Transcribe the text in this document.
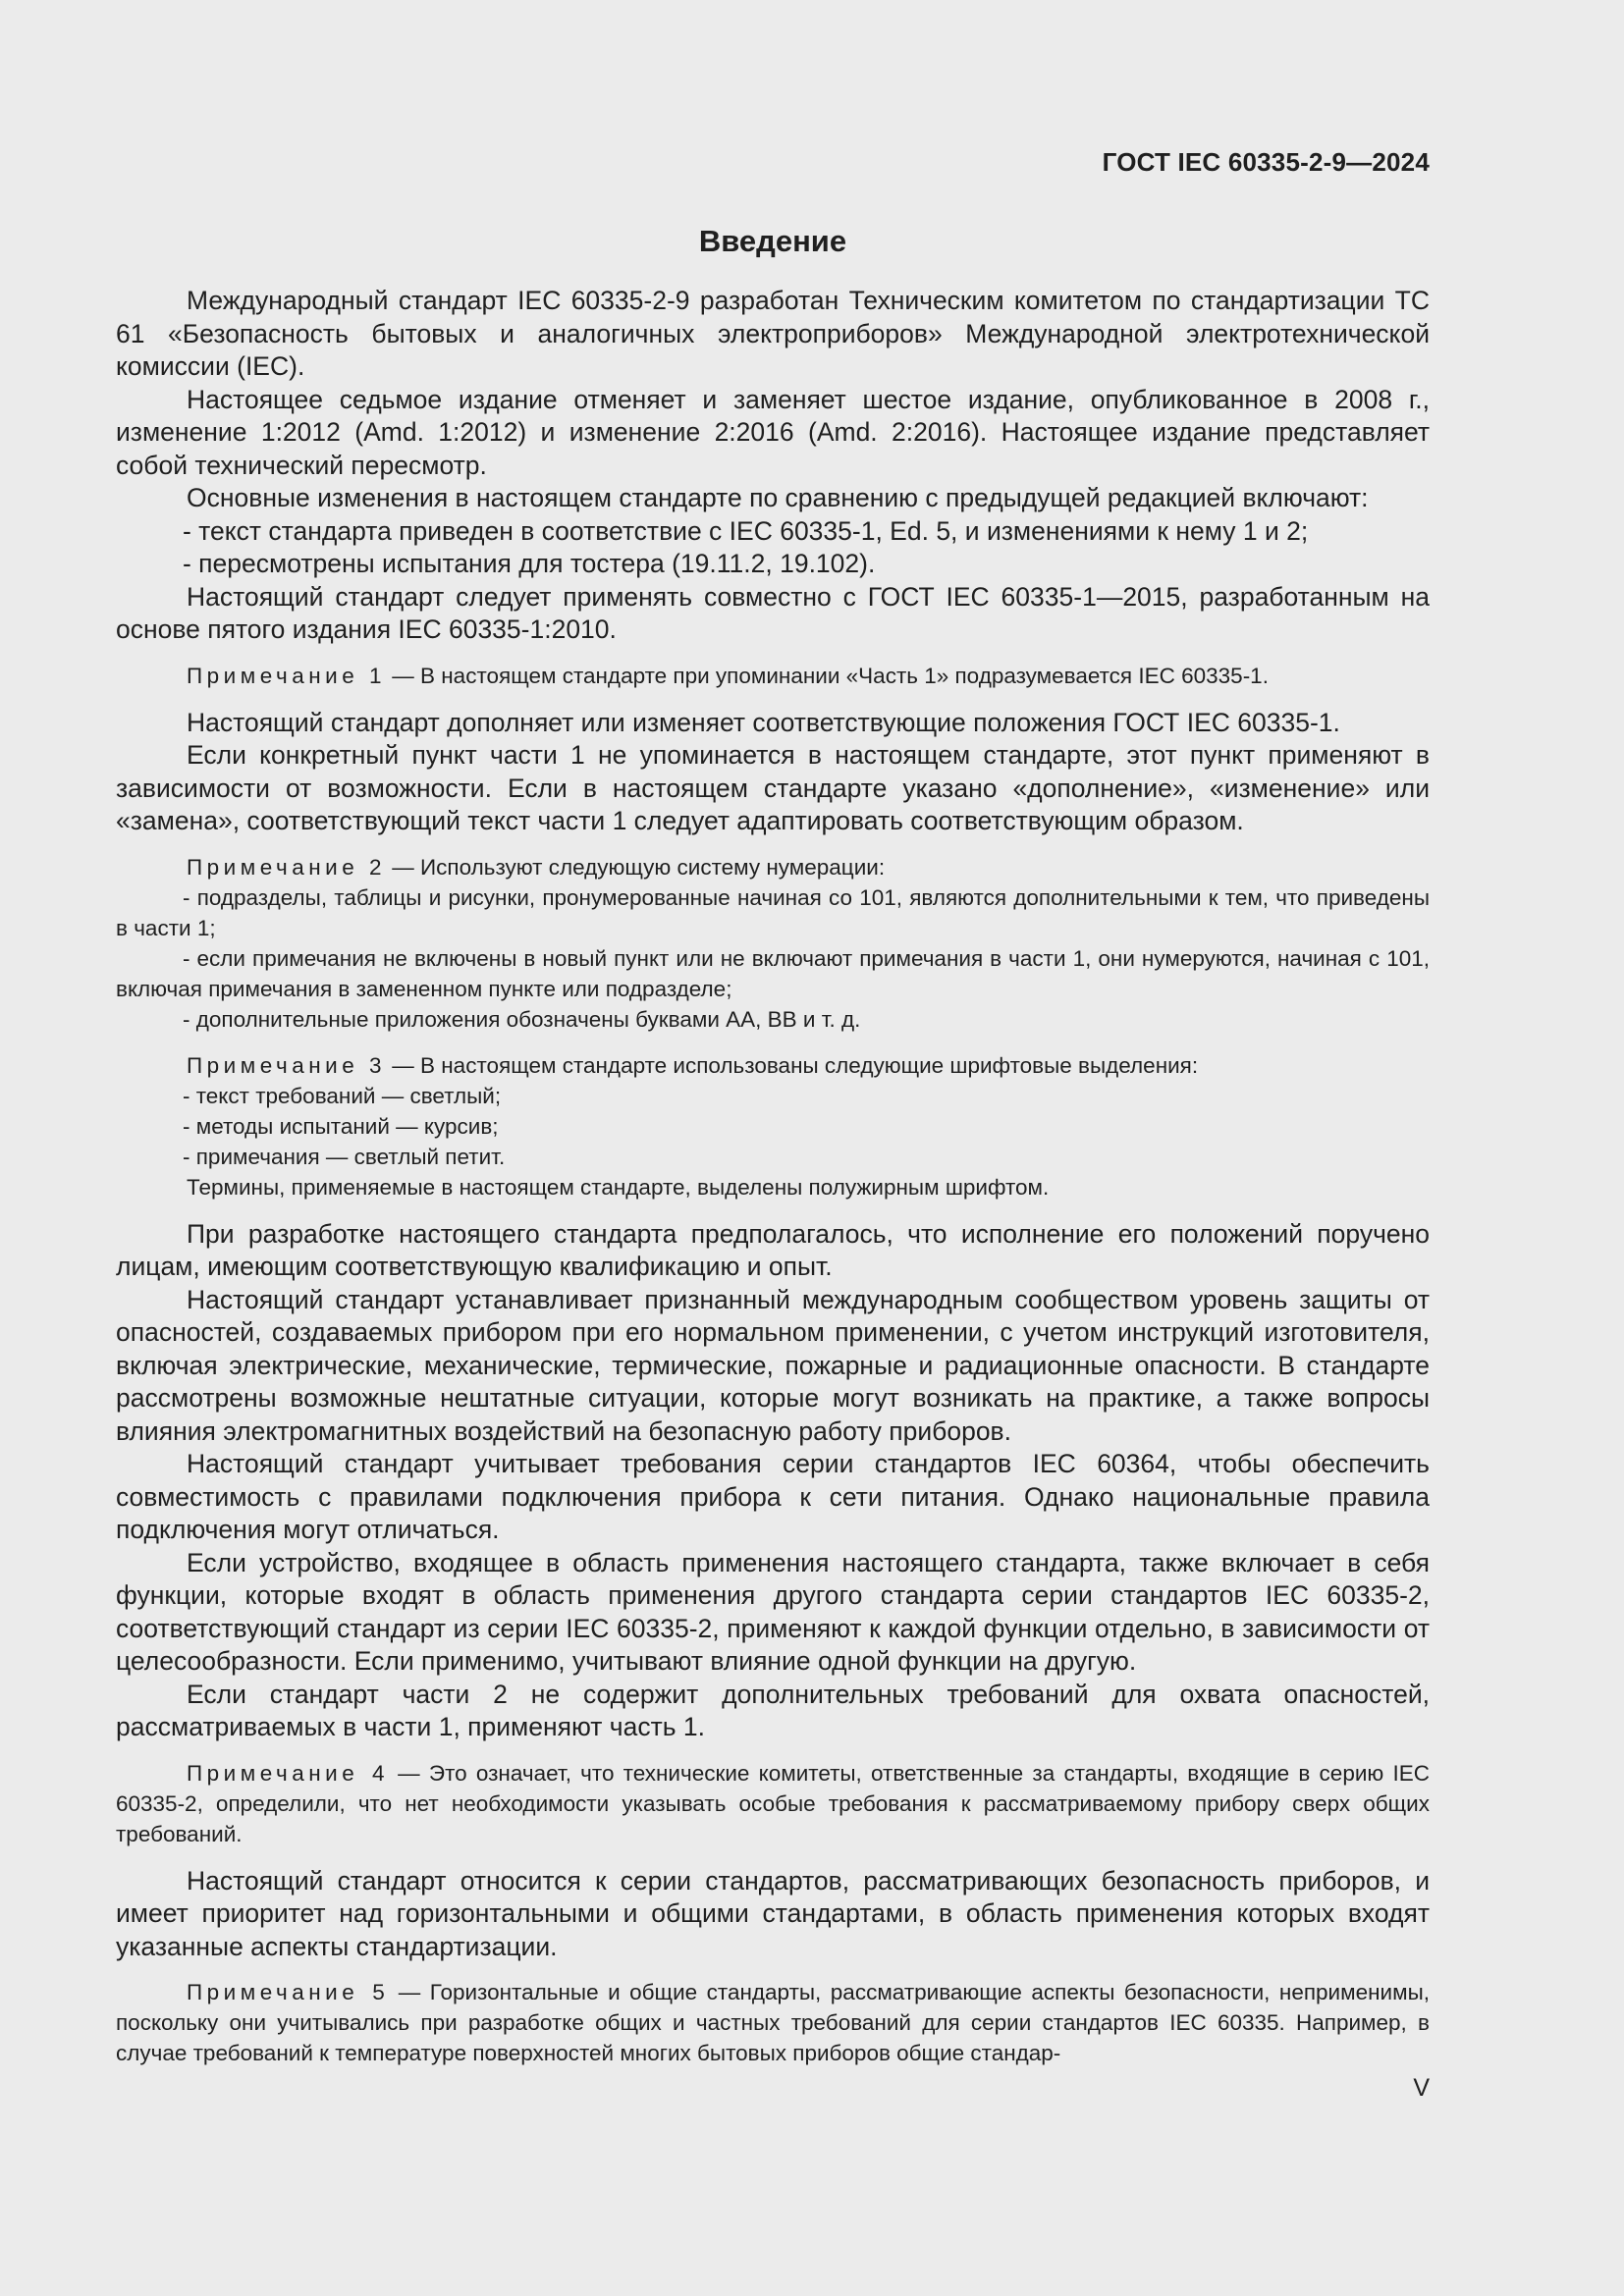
ГОСТ IEC 60335-2-9—2024
Введение

Международный стандарт IEC 60335-2-9 разработан Техническим комитетом по стандартизации ТС 61 «Безопасность бытовых и аналогичных электроприборов» Международной электротехнической комиссии (IEC).

Настоящее седьмое издание отменяет и заменяет шестое издание, опубликованное в 2008 г., изменение 1:2012 (Amd. 1:2012) и изменение 2:2016 (Amd. 2:2016). Настоящее издание представляет собой технический пересмотр.

Основные изменения в настоящем стандарте по сравнению с предыдущей редакцией включают:

- текст стандарта приведен в соответствие с IEC 60335-1, Ed. 5, и изменениями к нему 1 и 2;

- пересмотрены испытания для тостера (19.11.2, 19.102).

Настоящий стандарт следует применять совместно с ГОСТ IEC 60335-1—2015, разработанным на основе пятого издания IEC 60335-1:2010.

Примечание 1 — В настоящем стандарте при упоминании «Часть 1» подразумевается IEC 60335-1.

Настоящий стандарт дополняет или изменяет соответствующие положения ГОСТ IEC 60335-1.

Если конкретный пункт части 1 не упоминается в настоящем стандарте, этот пункт применяют в зависимости от возможности. Если в настоящем стандарте указано «дополнение», «изменение» или «замена», соответствующий текст части 1 следует адаптировать соответствующим образом.

Примечание 2 — Используют следующую систему нумерации:

- подразделы, таблицы и рисунки, пронумерованные начиная со 101, являются дополнительными к тем, что приведены в части 1;

- если примечания не включены в новый пункт или не включают примечания в части 1, они нумеруются, начиная с 101, включая примечания в замененном пункте или подразделе;

- дополнительные приложения обозначены буквами АА, ВВ и т. д.

Примечание 3 — В настоящем стандарте использованы следующие шрифтовые выделения:

- текст требований — светлый;

- методы испытаний — курсив;

- примечания — светлый петит.

Термины, применяемые в настоящем стандарте, выделены полужирным шрифтом.

При разработке настоящего стандарта предполагалось, что исполнение его положений поручено лицам, имеющим соответствующую квалификацию и опыт.

Настоящий стандарт устанавливает признанный международным сообществом уровень защиты от опасностей, создаваемых прибором при его нормальном применении, с учетом инструкций изготовителя, включая электрические, механические, термические, пожарные и радиационные опасности. В стандарте рассмотрены возможные нештатные ситуации, которые могут возникать на практике, а также вопросы влияния электромагнитных воздействий на безопасную работу приборов.

Настоящий стандарт учитывает требования серии стандартов IEC 60364, чтобы обеспечить совместимость с правилами подключения прибора к сети питания. Однако национальные правила подключения могут отличаться.

Если устройство, входящее в область применения настоящего стандарта, также включает в себя функции, которые входят в область применения другого стандарта серии стандартов IEC 60335-2, соответствующий стандарт из серии IEC 60335-2, применяют к каждой функции отдельно, в зависимости от целесообразности. Если применимо, учитывают влияние одной функции на другую.

Если стандарт части 2 не содержит дополнительных требований для охвата опасностей, рассматриваемых в части 1, применяют часть 1.

Примечание 4 — Это означает, что технические комитеты, ответственные за стандарты, входящие в серию IEC 60335-2, определили, что нет необходимости указывать особые требования к рассматриваемому прибору сверх общих требований.

Настоящий стандарт относится к серии стандартов, рассматривающих безопасность приборов, и имеет приоритет над горизонтальными и общими стандартами, в область применения которых входят указанные аспекты стандартизации.

Примечание 5 — Горизонтальные и общие стандарты, рассматривающие аспекты безопасности, неприменимы, поскольку они учитывались при разработке общих и частных требований для серии стандартов IEC 60335. Например, в случае требований к температуре поверхностей многих бытовых приборов общие стандар-

V
